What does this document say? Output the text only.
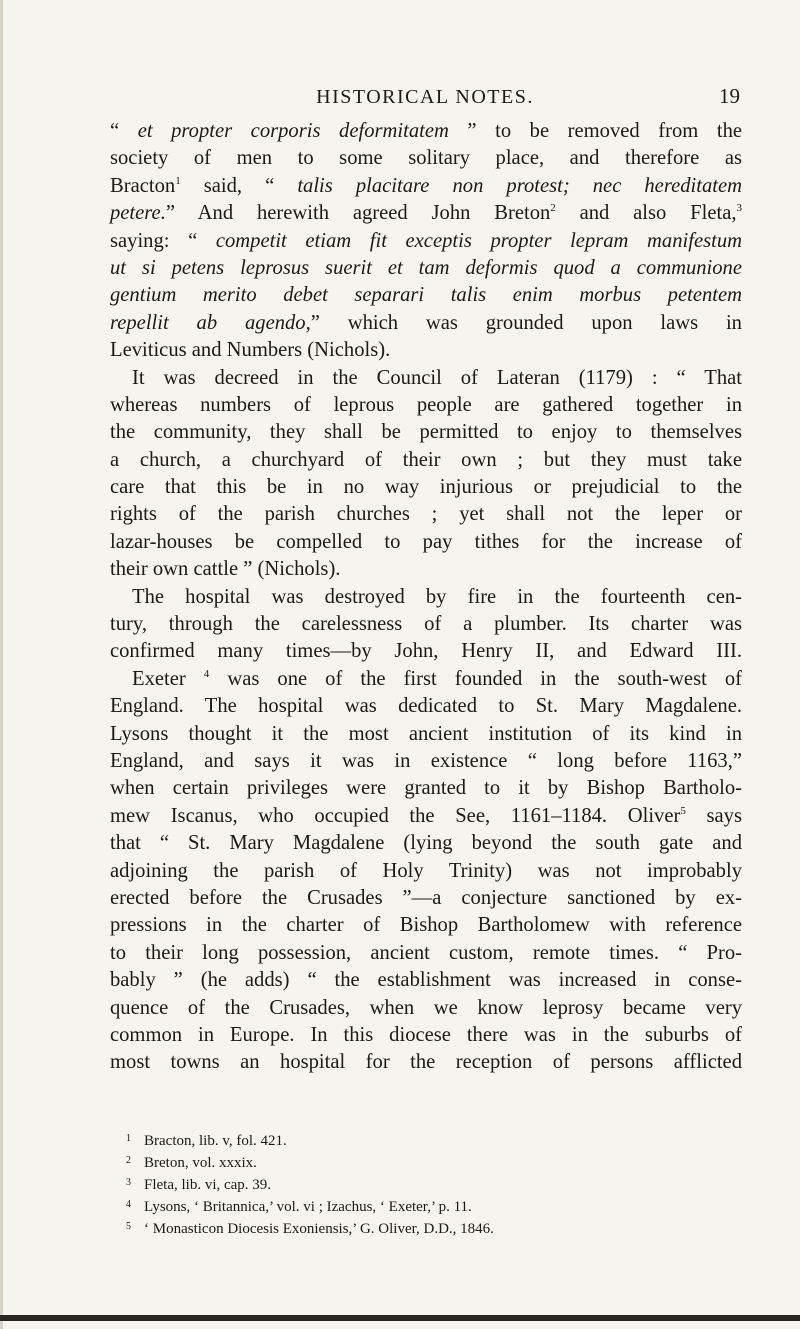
HISTORICAL NOTES.	19
“ et propter corporis deformitatem ” to be removed from the
society of men to some solitary place, and therefore as
Bracton$^1$ said, “ talis placitare non protest; nec hereditatem
petere.” And herewith agreed John Breton$^2$ and also Fleta,$^3$
saying: “ competit etiam fit exceptis propter lepram manifestum
ut si petens leprosus suerit et tam deformis quod a communione
gentium merito debet separari talis enim morbus petentem
repellit ab agendo,” which was grounded upon laws in
Leviticus and Numbers (Nichols).
It was decreed in the Council of Lateran (1179) : “ That
whereas numbers of leprous people are gathered together in
the community, they shall be permitted to enjoy to themselves
a church, a churchyard of their own ; but they must take
care that this be in no way injurious or prejudicial to the
rights of the parish churches ; yet shall not the leper or
lazar-houses be compelled to pay tithes for the increase of
their own cattle ” (Nichols).
The hospital was destroyed by fire in the fourteenth cen-
tury, through the carelessness of a plumber. Its charter was
confirmed many times—by John, Henry II, and Edward III.
Exeter $^4$ was one of the first founded in the south-west of
England. The hospital was dedicated to St. Mary Magdalene.
Lysons thought it the most ancient institution of its kind in
England, and says it was in existence “ long before 1163,”
when certain privileges were granted to it by Bishop Bartholo-
mew Iscanus, who occupied the See, 1161–1184. Oliver$^5$ says
that “ St. Mary Magdalene (lying beyond the south gate and
adjoining the parish of Holy Trinity) was not improbably
erected before the Crusades ”—a conjecture sanctioned by ex-
pressions in the charter of Bishop Bartholomew with reference
to their long possession, ancient custom, remote times. “ Pro-
bably ” (he adds) “ the establishment was increased in conse-
quence of the Crusades, when we know leprosy became very
common in Europe. In this diocese there was in the suburbs of
most towns an hospital for the reception of persons afflicted
1 Bracton, lib. v, fol. 421.
2 Breton, vol. xxxix.
3 Fleta, lib. vi, cap. 39.
4 Lysons, ‘ Britannica,’ vol. vi ; Izachus, ‘ Exeter,’ p. 11.
5 ‘ Monasticon Diocesis Exoniensis,’ G. Oliver, D.D., 1846.
